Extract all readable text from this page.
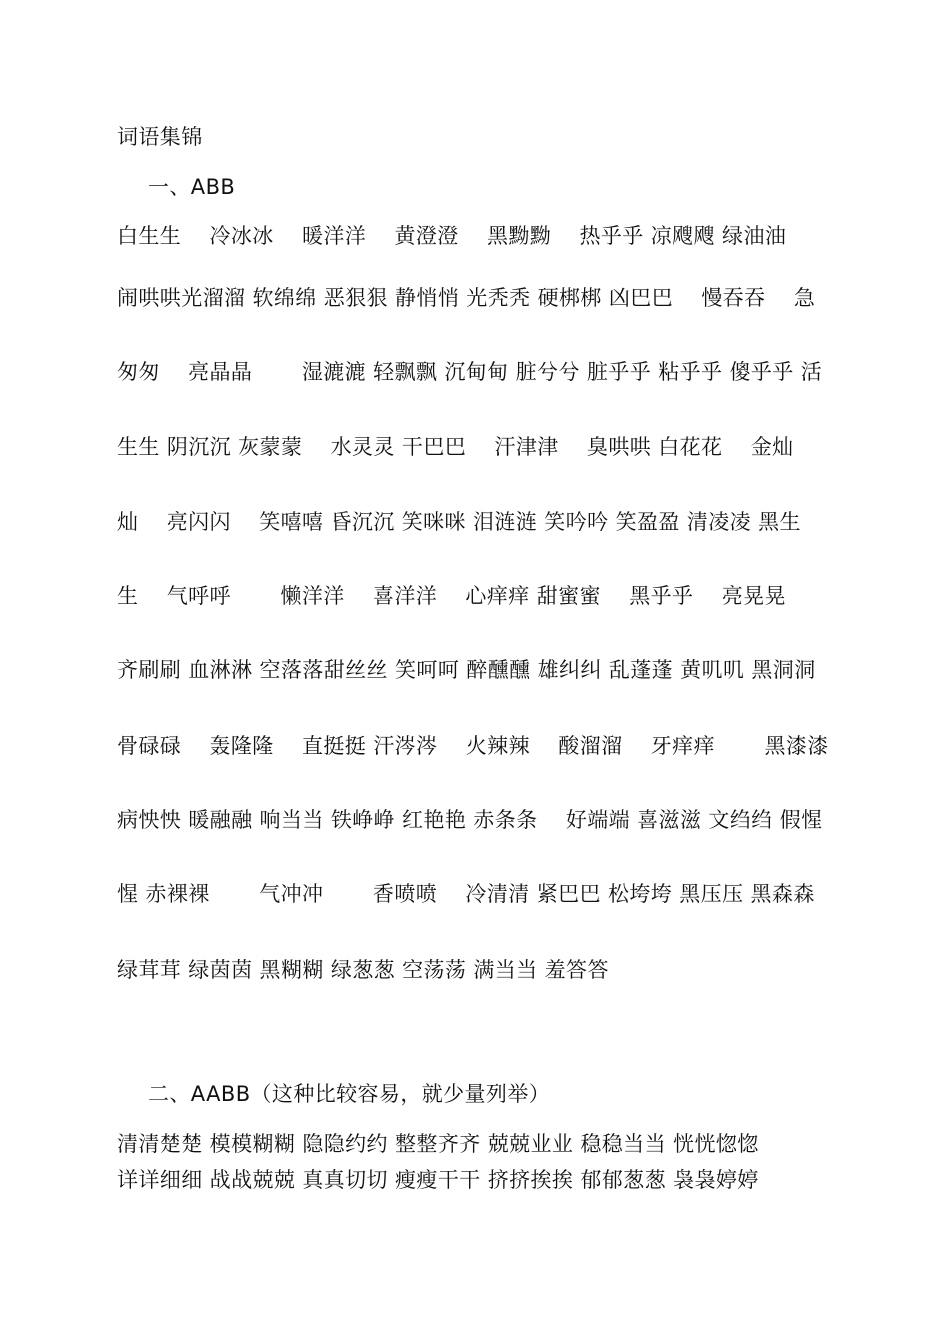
词语集锦
一、ABB
白生生    冷冰冰    暖洋洋    黄澄澄    黑黝黝    热乎乎 凉飕飕 绿油油
闹哄哄光溜溜 软绵绵 恶狠狠 静悄悄 光秃秃 硬梆梆 凶巴巴    慢吞吞    急
匆匆    亮晶晶       湿漉漉 轻飘飘 沉甸甸 脏兮兮 脏乎乎 粘乎乎 傻乎乎 活
生生 阴沉沉 灰蒙蒙    水灵灵 干巴巴    汗津津    臭哄哄 白花花    金灿
灿    亮闪闪    笑嘻嘻 昏沉沉 笑咪咪 泪涟涟 笑吟吟 笑盈盈 清凌凌 黑生
生    气呼呼       懒洋洋    喜洋洋    心痒痒 甜蜜蜜    黑乎乎    亮晃晃
齐刷刷 血淋淋 空落落甜丝丝 笑呵呵 醉醺醺 雄纠纠 乱蓬蓬 黄叽叽 黑洞洞
骨碌碌    轰隆隆    直挺挺 汗涔涔    火辣辣    酸溜溜    牙痒痒       黑漆漆
病怏怏 暖融融 响当当 铁峥峥 红艳艳 赤条条    好端端 喜滋滋 文绉绉 假惺
惺 赤裸裸       气冲冲       香喷喷    冷清清 紧巴巴 松垮垮 黑压压 黑森森
绿茸茸 绿茵茵 黑糊糊 绿葱葱 空荡荡 满当当 羞答答
二、AABB（这种比较容易，就少量列举）
清清楚楚 模模糊糊 隐隐约约 整整齐齐 兢兢业业 稳稳当当 恍恍惚惚
详详细细 战战兢兢 真真切切 瘦瘦干干 挤挤挨挨 郁郁葱葱 袅袅婷婷
